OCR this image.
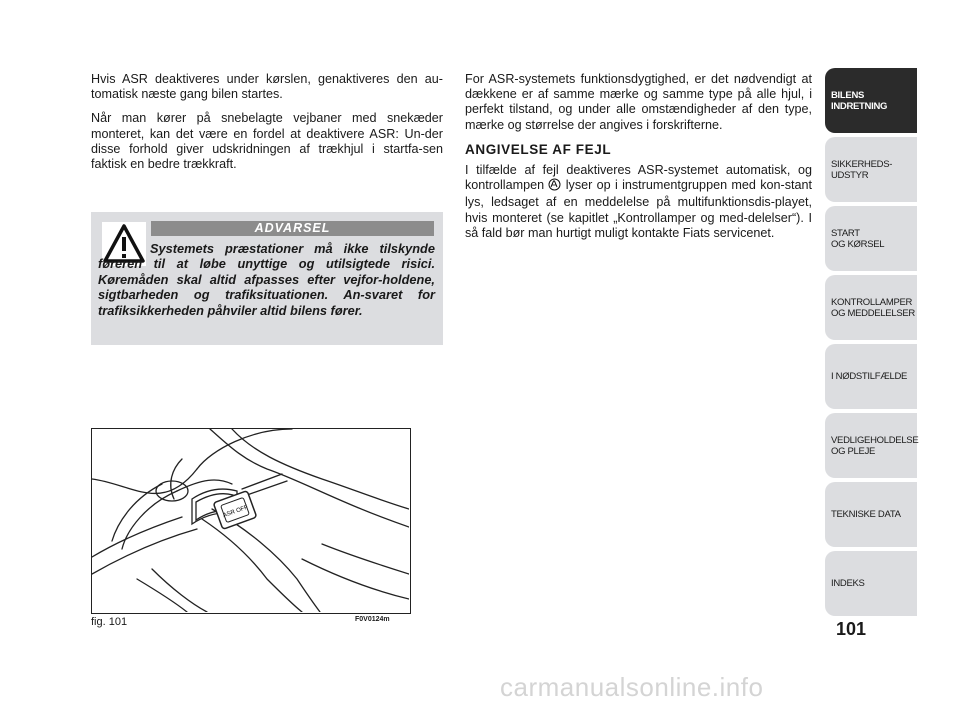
Hvis ASR deaktiveres under kørslen, genaktiveres den au-tomatisk næste gang bilen startes.

Når man kører på snebelagte vejbaner med snekæder monteret, kan det være en fordel at deaktivere ASR: Un-der disse forhold giver udskridningen af trækhjul i startfa-sen faktisk en bedre trækkraft.

ADVARSEL

Systemets præstationer må ikke tilskynde føreren til at løbe unyttige og utilsigtede risici. Køremåden skal altid afpasses efter vejfor-holdene, sigtbarheden og trafiksituationen. An-svaret for trafiksikkerheden påhviler altid bilens fører.

ASR OFF
fig. 101	F0V0124m

For ASR-systemets funktionsdygtighed, er det nødvendigt at dækkene er af samme mærke og samme type på alle hjul, i perfekt tilstand, og under alle omstændigheder af den type, mærke og størrelse der angives i forskrifterne.

ANGIVELSE AF FEJL

I tilfælde af fejl deaktiveres ASR-systemet automatisk, og kontrollampen lyser op i instrumentgruppen med kon-stant lys, ledsaget af en meddelelse på multifunktionsdis-playet, hvis monteret (se kapitlet „Kontrollamper og med-delelser“). I så fald bør man hurtigt muligt kontakte Fiats servicenet.

BILENS
INDRETNING
SIKKERHEDS-
UDSTYR
START
OG KØRSEL
KONTROLLAMPER
OG MEDDELELSER
I NØDSTILFÆLDE
VEDLIGEHOLDELSE
OG PLEJE
TEKNISKE DATA
INDEKS
101
carmanualsonline.info
